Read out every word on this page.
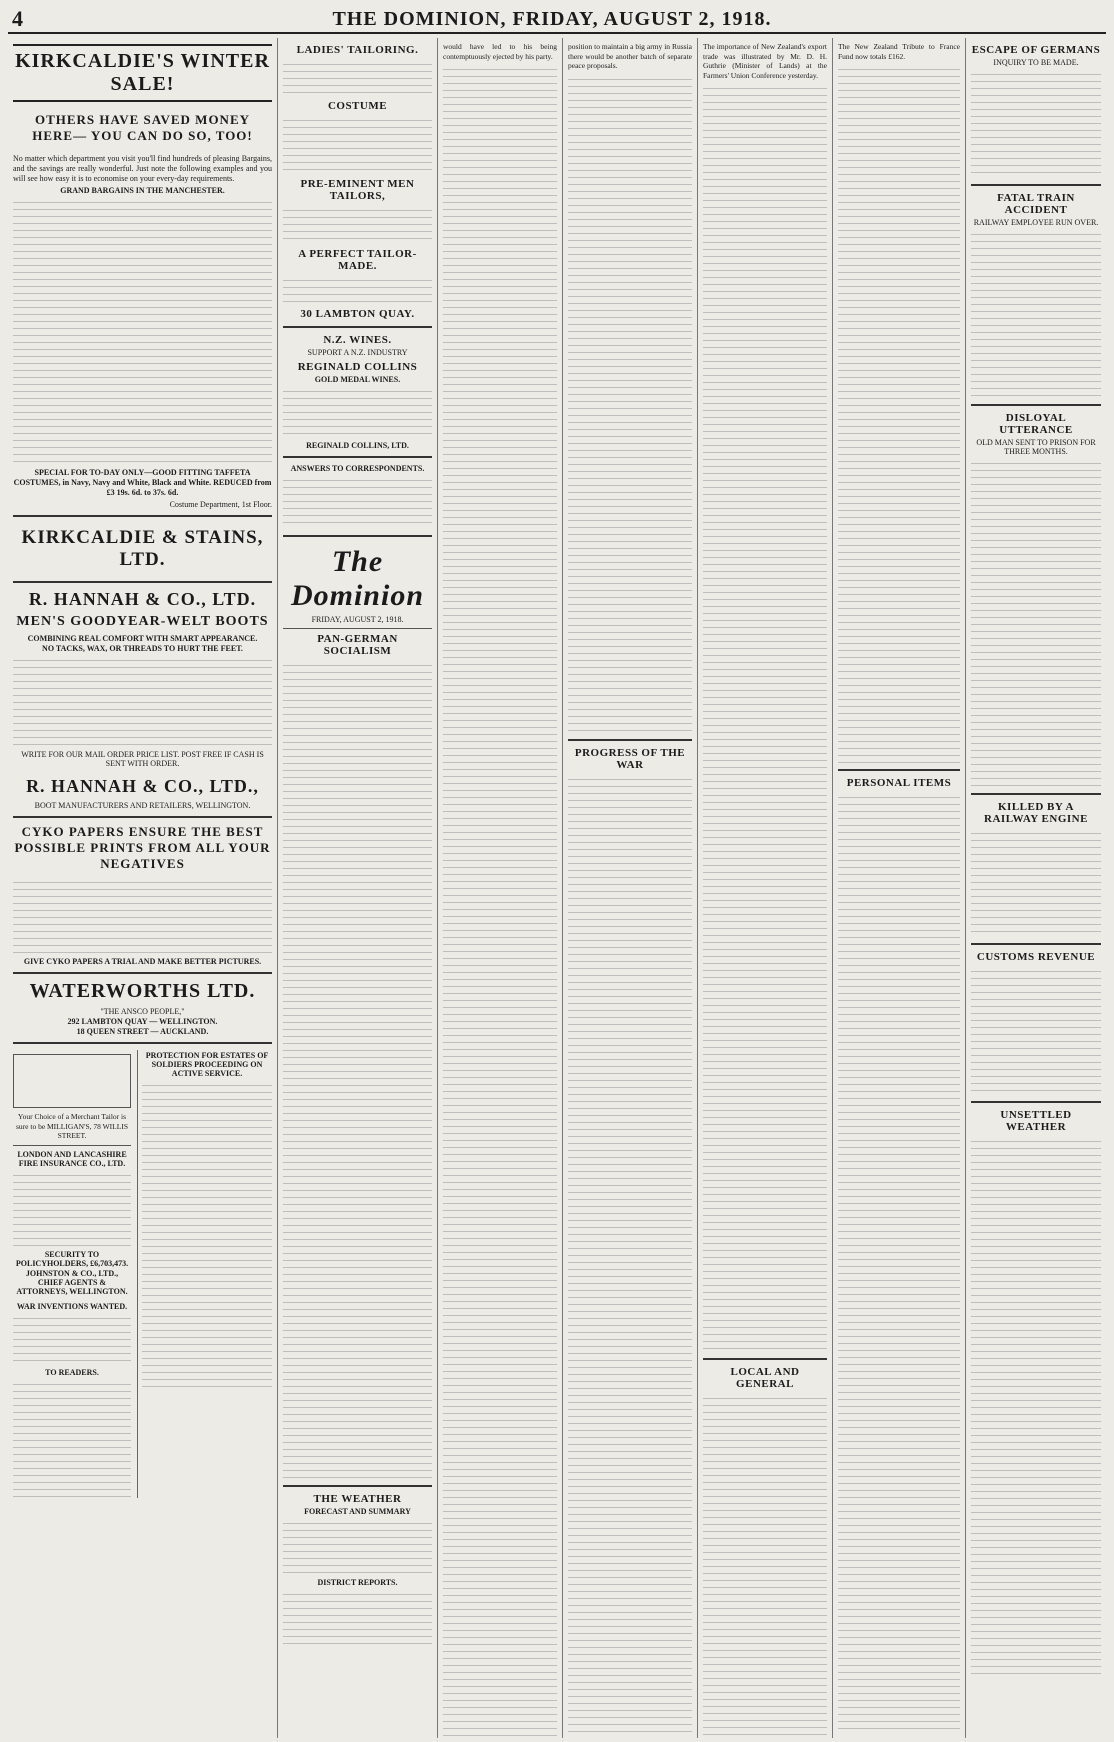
4	THE DOMINION, FRIDAY, AUGUST 2, 1918.
KIRKCALDIE'S WINTER SALE!
OTHERS HAVE SAVED MONEY HERE— YOU CAN DO SO, TOO!

No matter which department you visit you'll find hundreds of pleasing Bargains, and the savings are really wonderful. Just note the following examples and you will see how easy it is to economise on your every-day requirements.

GRAND BARGAINS IN THE MANCHESTER.

SPECIAL FOR TO-DAY ONLY—GOOD FITTING TAFFETA COSTUMES, in Navy, Navy and White, Black and White. REDUCED from £3 19s. 6d. to 37s. 6d.

Costume Department, 1st Floor.
KIRKCALDIE & STAINS, LTD.
R. HANNAH & CO., LTD.
MEN'S GOODYEAR-WELT BOOTS
COMBINING REAL COMFORT WITH SMART APPEARANCE.
NO TACKS, WAX, OR THREADS TO HURT THE FEET.
WRITE FOR OUR MAIL ORDER PRICE LIST. POST FREE IF CASH IS SENT WITH ORDER.
R. HANNAH & CO., LTD.,
BOOT MANUFACTURERS AND RETAILERS, WELLINGTON.
CYKO PAPERS ENSURE THE BEST POSSIBLE PRINTS FROM ALL YOUR NEGATIVES
GIVE CYKO PAPERS A TRIAL AND MAKE BETTER PICTURES.
WATERWORTHS LTD.
"THE ANSCO PEOPLE,"
292 LAMBTON QUAY — WELLINGTON.
18 QUEEN STREET — AUCKLAND.

Your Choice of a Merchant Tailor is sure to be MILLIGAN'S, 78 WILLIS STREET.

LONDON AND LANCASHIRE FIRE INSURANCE CO., LTD.
SECURITY TO POLICYHOLDERS, £6,703,473.
JOHNSTON & CO., LTD., CHIEF AGENTS & ATTORNEYS, WELLINGTON.
WAR INVENTIONS WANTED.
TO READERS.
PROTECTION FOR ESTATES OF SOLDIERS PROCEEDING ON ACTIVE SERVICE.
LADIES' TAILORING.
COSTUME
PRE-EMINENT MEN TAILORS,
A PERFECT TAILOR-MADE.
30 LAMBTON QUAY.
N.Z. WINES.
SUPPORT A N.Z. INDUSTRY
REGINALD COLLINS
GOLD MEDAL WINES.
REGINALD COLLINS, LTD.
ANSWERS TO CORRESPONDENTS.
The Dominion
FRIDAY, AUGUST 2, 1918.
PAN-GERMAN SOCIALISM
THE WEATHER
FORECAST AND SUMMARY
DISTRICT REPORTS.

would have led to his being contemptuously ejected by his party.

position to maintain a big army in Russia there would be another batch of separate peace proposals.

PROGRESS OF THE WAR

The importance of New Zealand's export trade was illustrated by Mr. D. H. Guthrie (Minister of Lands) at the Farmers' Union Conference yesterday.

LOCAL AND GENERAL

The New Zealand Tribute to France Fund now totals £162.

PERSONAL ITEMS
ESCAPE OF GERMANS
INQUIRY TO BE MADE.
FATAL TRAIN ACCIDENT
RAILWAY EMPLOYEE RUN OVER.
DISLOYAL UTTERANCE
OLD MAN SENT TO PRISON FOR THREE MONTHS.
KILLED BY A RAILWAY ENGINE
CUSTOMS REVENUE
UNSETTLED WEATHER
